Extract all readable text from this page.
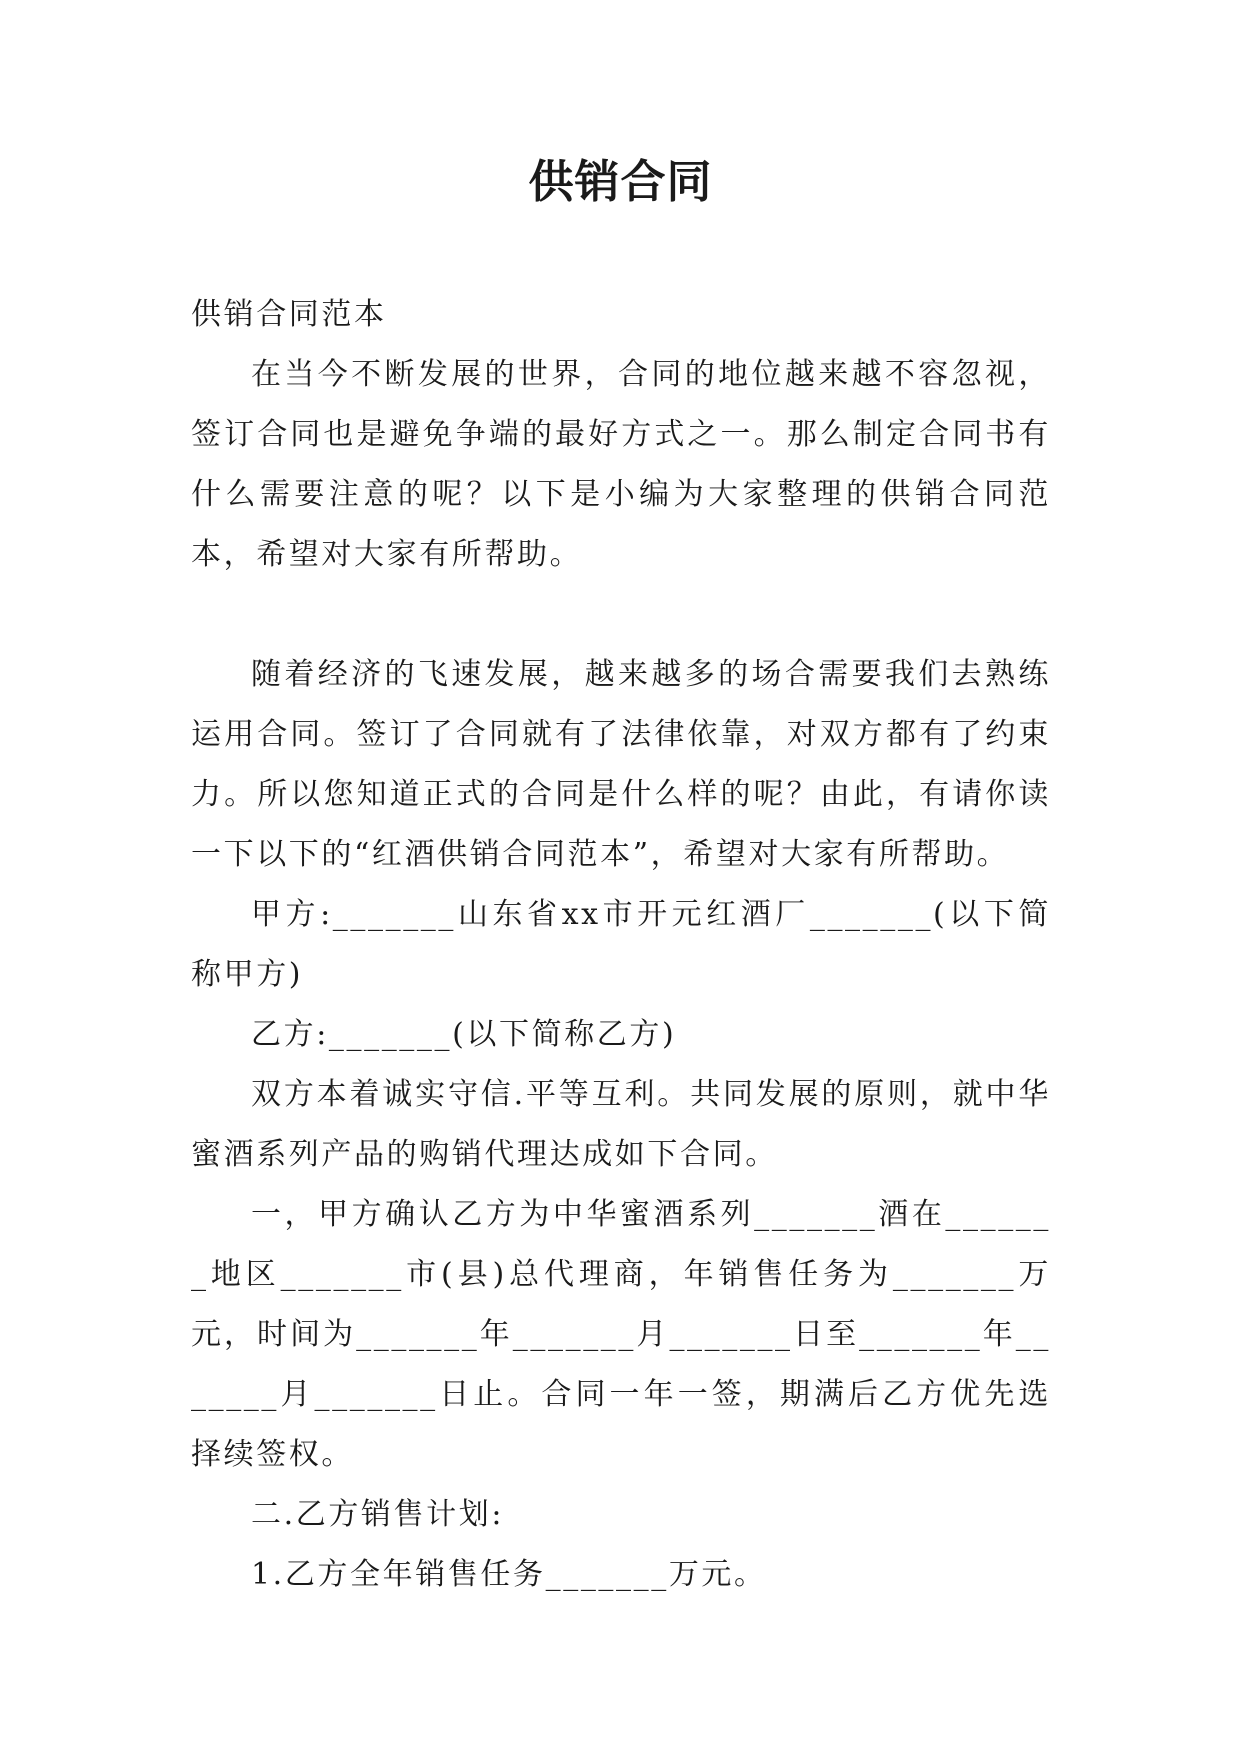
供销合同

供销合同范本

在当今不断发展的世界，合同的地位越来越不容忽视，签订合同也是避免争端的最好方式之一。那么制定合同书有什么需要注意的呢？以下是小编为大家整理的供销合同范本，希望对大家有所帮助。

随着经济的飞速发展，越来越多的场合需要我们去熟练运用合同。签订了合同就有了法律依靠，对双方都有了约束力。所以您知道正式的合同是什么样的呢？由此，有请你读一下以下的“红酒供销合同范本”，希望对大家有所帮助。

甲方:_______山东省xx市开元红酒厂_______(以下简称甲方)

乙方:_______(以下简称乙方)

双方本着诚实守信.平等互利。共同发展的原则，就中华蜜酒系列产品的购销代理达成如下合同。

一，甲方确认乙方为中华蜜酒系列_______酒在_______地区_______市(县)总代理商，年销售任务为_______万元，时间为_______年_______月_______日至_______年_______月_______日止。合同一年一签，期满后乙方优先选择续签权。

二.乙方销售计划:

1.乙方全年销售任务_______万元。
